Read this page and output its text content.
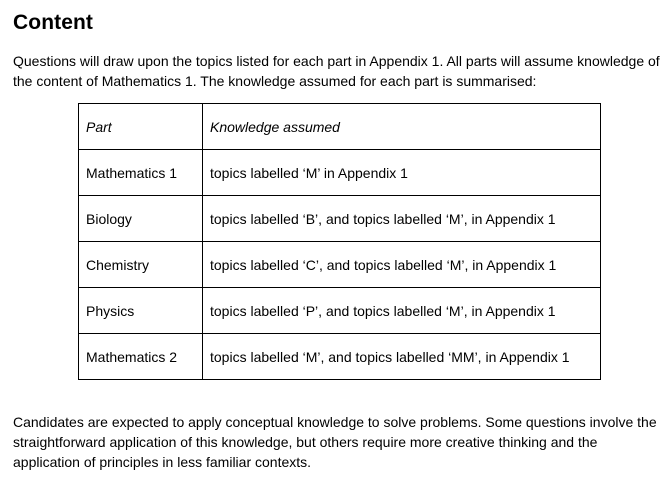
Content

Questions will draw upon the topics listed for each part in Appendix 1. All parts will assume knowledge of the content of Mathematics 1. The knowledge assumed for each part is summarised:

Part	Knowledge assumed
Mathematics 1	topics labelled ‘M’ in Appendix 1
Biology	topics labelled ‘B’, and topics labelled ‘M’, in Appendix 1
Chemistry	topics labelled ‘C’, and topics labelled ‘M’, in Appendix 1
Physics	topics labelled ‘P’, and topics labelled ‘M’, in Appendix 1
Mathematics 2	topics labelled ‘M’, and topics labelled ‘MM’, in Appendix 1

Candidates are expected to apply conceptual knowledge to solve problems. Some questions involve the straightforward application of this knowledge, but others require more creative thinking and the application of principles in less familiar contexts.
